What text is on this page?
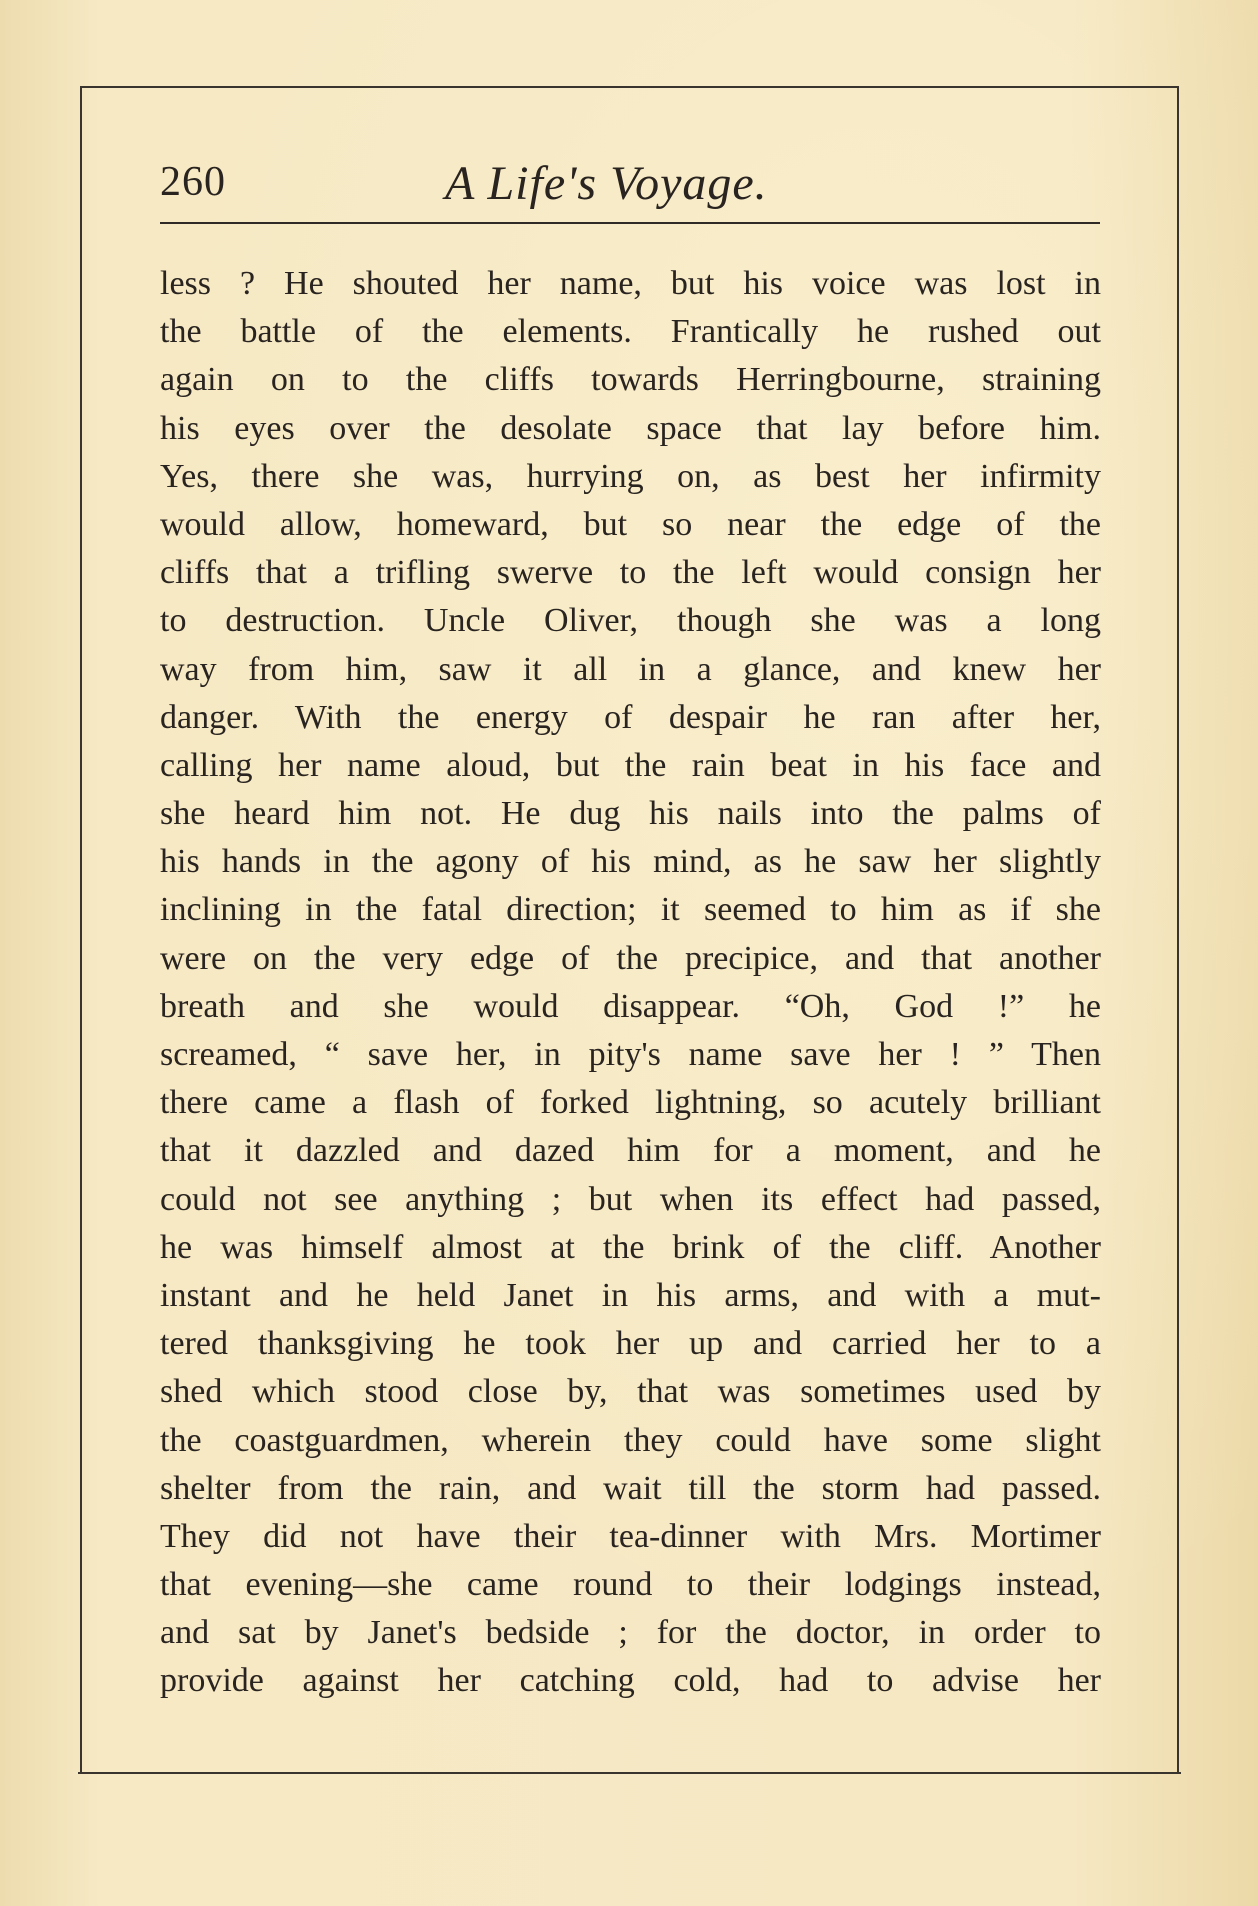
260	A Life's Voyage.
less ? He shouted her name, but his voice was lost in
the battle of the elements. Frantically he rushed out
again on to the cliffs towards Herringbourne, straining
his eyes over the desolate space that lay before him.
Yes, there she was, hurrying on, as best her infirmity
would allow, homeward, but so near the edge of the
cliffs that a trifling swerve to the left would consign her
to destruction. Uncle Oliver, though she was a long
way from him, saw it all in a glance, and knew her
danger. With the energy of despair he ran after her,
calling her name aloud, but the rain beat in his face and
she heard him not. He dug his nails into the palms of
his hands in the agony of his mind, as he saw her slightly
inclining in the fatal direction; it seemed to him as if she
were on the very edge of the precipice, and that another
breath and she would disappear. “Oh, God !” he
screamed, “ save her, in pity's name save her ! ” Then
there came a flash of forked lightning, so acutely brilliant
that it dazzled and dazed him for a moment, and he
could not see anything ; but when its effect had passed,
he was himself almost at the brink of the cliff. Another
instant and he held Janet in his arms, and with a mut-
tered thanksgiving he took her up and carried her to a
shed which stood close by, that was sometimes used by
the coastguardmen, wherein they could have some slight
shelter from the rain, and wait till the storm had passed.
They did not have their tea-dinner with Mrs. Mortimer
that evening—she came round to their lodgings instead,
and sat by Janet's bedside ; for the doctor, in order to
provide against her catching cold, had to advise her
